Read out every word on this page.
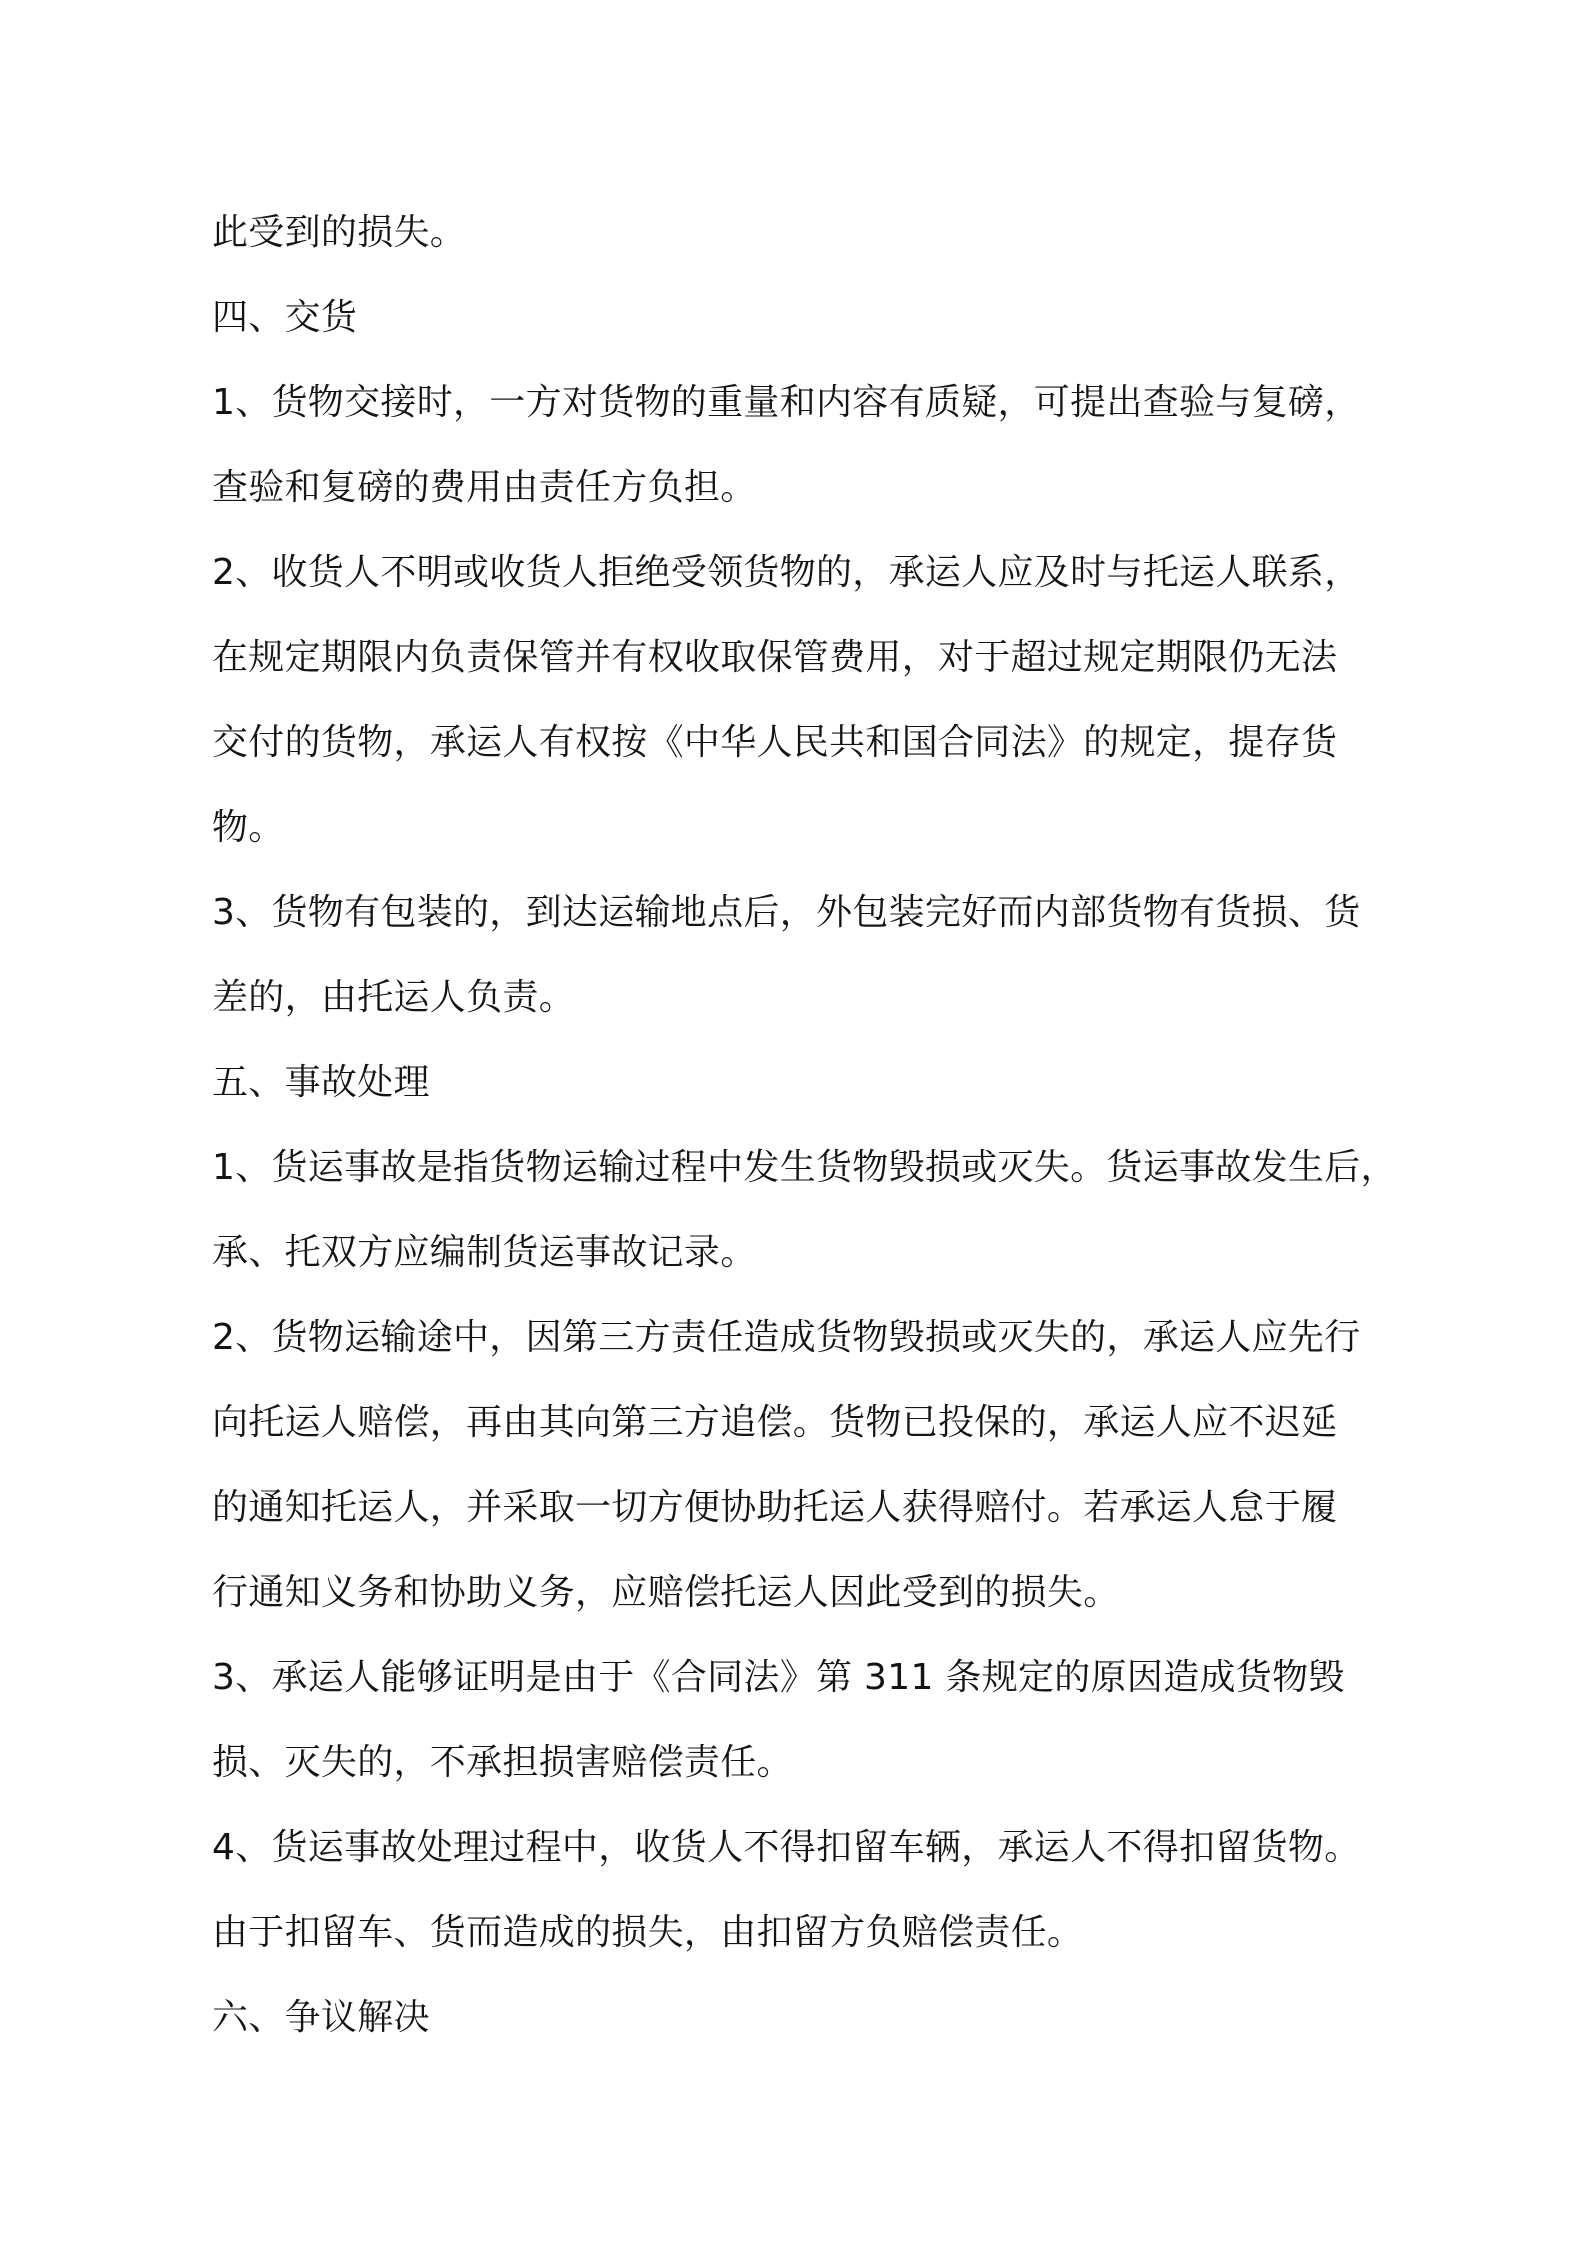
此受到的损失。
四、交货
1、货物交接时，一方对货物的重量和内容有质疑，可提出查验与复磅，
查验和复磅的费用由责任方负担。
2、收货人不明或收货人拒绝受领货物的，承运人应及时与托运人联系，
在规定期限内负责保管并有权收取保管费用，对于超过规定期限仍无法
交付的货物，承运人有权按《中华人民共和国合同法》的规定，提存货
物。
3、货物有包装的，到达运输地点后，外包装完好而内部货物有货损、货
差的，由托运人负责。
五、事故处理
1、货运事故是指货物运输过程中发生货物毁损或灭失。货运事故发生后，
承、托双方应编制货运事故记录。
2、货物运输途中，因第三方责任造成货物毁损或灭失的，承运人应先行
向托运人赔偿，再由其向第三方追偿。货物已投保的，承运人应不迟延
的通知托运人，并采取一切方便协助托运人获得赔付。若承运人怠于履
行通知义务和协助义务，应赔偿托运人因此受到的损失。
3、承运人能够证明是由于《合同法》第 311 条规定的原因造成货物毁
损、灭失的，不承担损害赔偿责任。
4、货运事故处理过程中，收货人不得扣留车辆，承运人不得扣留货物。
由于扣留车、货而造成的损失，由扣留方负赔偿责任。
六、争议解决
